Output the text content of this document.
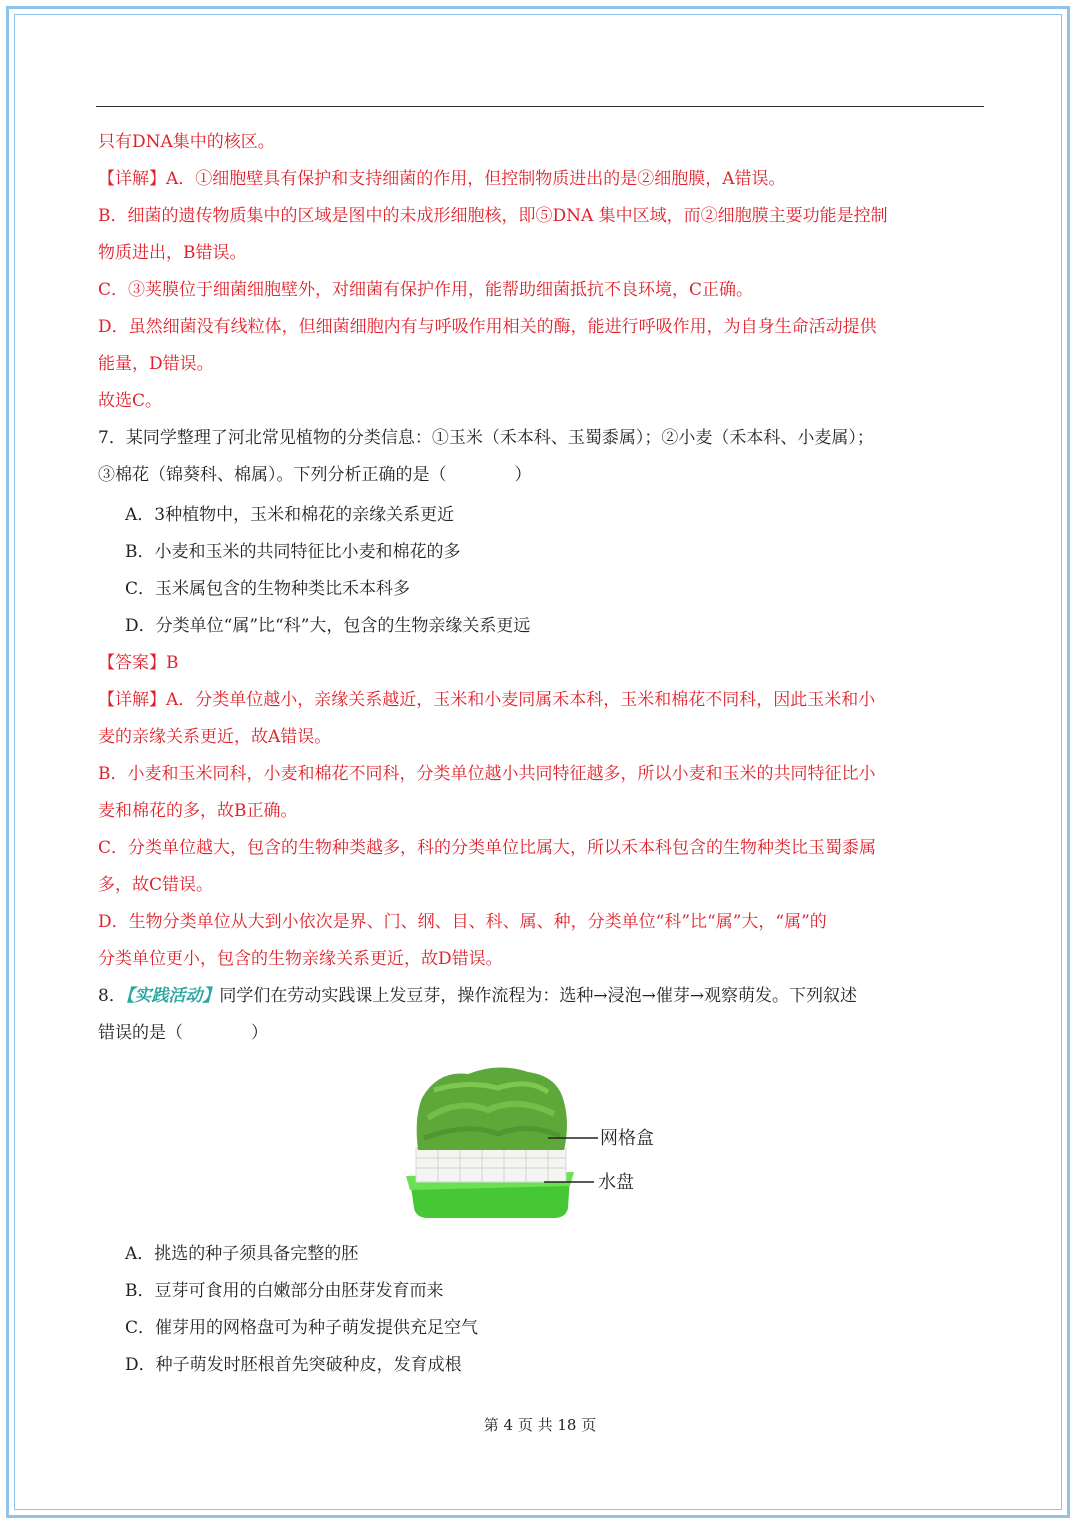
只有DNA集中的核区。
【详解】A．①细胞壁具有保护和支持细菌的作用，但控制物质进出的是②细胞膜，A错误。
B．细菌的遗传物质集中的区域是图中的未成形细胞核，即⑤DNA 集中区域，而②细胞膜主要功能是控制
物质进出，B错误。
C．③荚膜位于细菌细胞壁外，对细菌有保护作用，能帮助细菌抵抗不良环境，C正确。
D．虽然细菌没有线粒体，但细菌细胞内有与呼吸作用相关的酶，能进行呼吸作用，为自身生命活动提供
能量，D错误。
故选C。
7．某同学整理了河北常见植物的分类信息：①玉米（禾本科、玉蜀黍属）；②小麦（禾本科、小麦属）；
③棉花（锦葵科、棉属）。下列分析正确的是（　　　　）
A．3种植物中，玉米和棉花的亲缘关系更近
B．小麦和玉米的共同特征比小麦和棉花的多
C．玉米属包含的生物种类比禾本科多
D．分类单位“属”比“科”大，包含的生物亲缘关系更远
【答案】B
【详解】A．分类单位越小，亲缘关系越近，玉米和小麦同属禾本科，玉米和棉花不同科，因此玉米和小
麦的亲缘关系更近，故A错误。
B．小麦和玉米同科，小麦和棉花不同科，分类单位越小共同特征越多，所以小麦和玉米的共同特征比小
麦和棉花的多，故B正确。
C．分类单位越大，包含的生物种类越多，科的分类单位比属大，所以禾本科包含的生物种类比玉蜀黍属
多，故C错误。
D．生物分类单位从大到小依次是界、门、纲、目、科、属、种，分类单位“科”比“属”大，“属”的
分类单位更小，包含的生物亲缘关系更近，故D错误。
8．【实践活动】同学们在劳动实践课上发豆芽，操作流程为：选种→浸泡→催芽→观察萌发。下列叙述
错误的是（　　　　）
网格盒
水盘
A．挑选的种子须具备完整的胚
B．豆芽可食用的白嫩部分由胚芽发育而来
C．催芽用的网格盘可为种子萌发提供充足空气
D．种子萌发时胚根首先突破种皮，发育成根
第 4 页 共 18 页
